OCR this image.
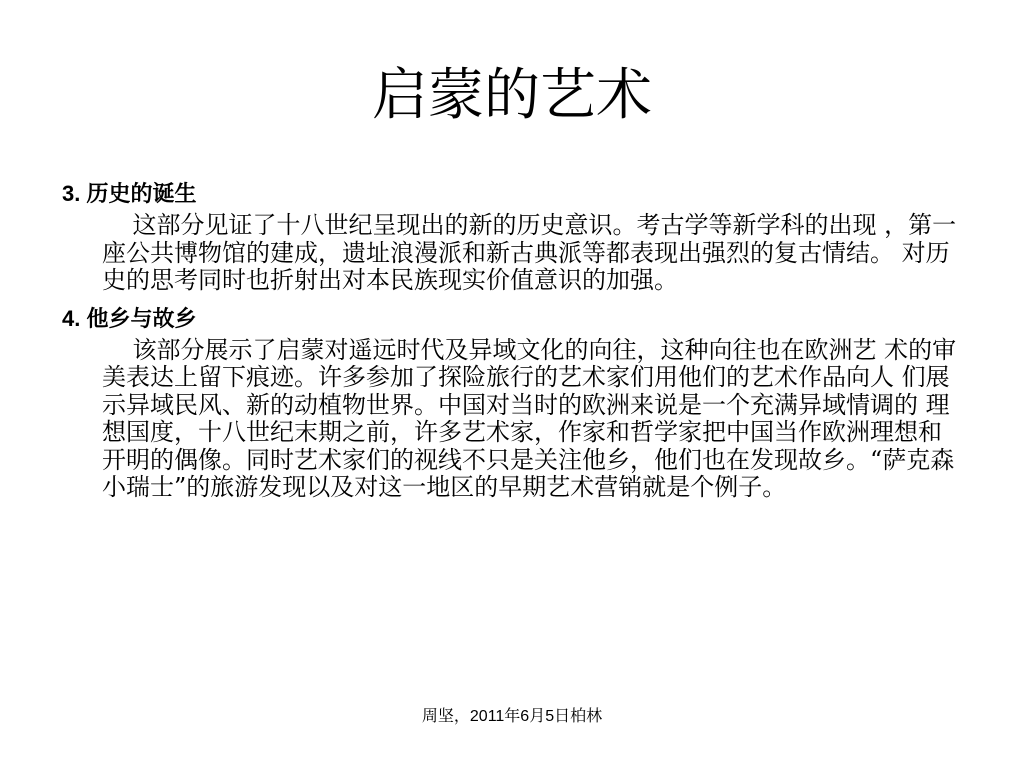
启蒙的艺术

3. 历史的诞生

这部分见证了十八世纪呈现出的新的历史意识。考古学等新学科的出现 ，第一座公共博物馆的建成，遗址浪漫派和新古典派等都表现出强烈的复古情结。 对历史的思考同时也折射出对本民族现实价值意识的加强。

4. 他乡与故乡

该部分展示了启蒙对遥远时代及异域文化的向往，这种向往也在欧洲艺 术的审美表达上留下痕迹。许多参加了探险旅行的艺术家们用他们的艺术作品向人 们展示异域民风、新的动植物世界。中国对当时的欧洲来说是一个充满异域情调的 理想国度，十八世纪末期之前，许多艺术家，作家和哲学家把中国当作欧洲理想和 开明的偶像。同时艺术家们的视线不只是关注他乡，他们也在发现故乡。“萨克森 小瑞士”的旅游发现以及对这一地区的早期艺术营销就是个例子。

周坚，2011年6月5日柏林
